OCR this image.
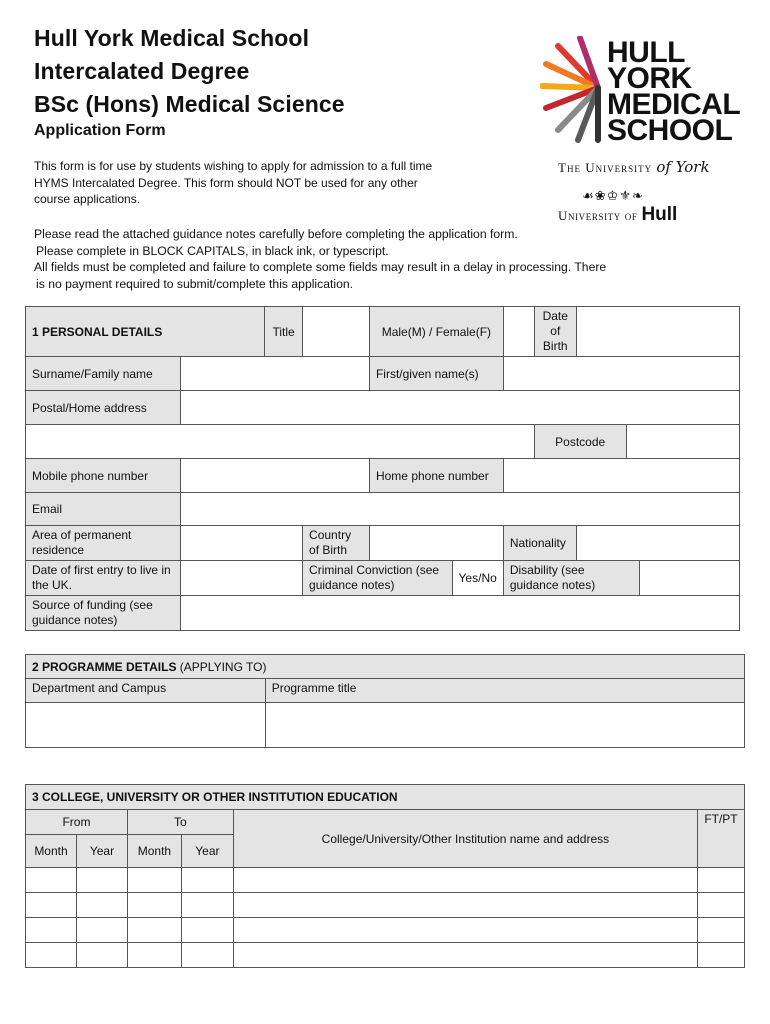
Hull York Medical School
Intercalated Degree
BSc (Hons) Medical Science
Application Form
This form is for use by students wishing to apply for admission to a full time
HYMS Intercalated Degree. This form should NOT be used for any other
course applications.
Please read the attached guidance notes carefully before completing the application form.
Please complete in BLOCK CAPITALS, in black ink, or typescript.
All fields must be completed and failure to complete some fields may result in a delay in processing. There
is no payment required to submit/complete this application.
HULL
YORK
MEDICAL
SCHOOL
The University of York
☙❀♔⚜❧
University of Hull
1 PERSONAL DETAILS		Title		Male(M) / Female(F)			Date of Birth			
Surname/Family name				First/given name(s)						
Postal/Home address										
							Postcode			
Mobile phone number				Home phone number						
Email										
Area of permanent residence			Country of Birth			Nationality				
Date of first entry to live in the UK.			Criminal Conviction (see guidance notes)		Yes/No	Disability (see guidance notes)				
Source of funding (see guidance notes)										
2 PROGRAMME DETAILS (APPLYING TO)	
Department and Campus	Programme title

3 COLLEGE, UNIVERSITY OR OTHER INSTITUTION EDUCATION					
From		To		College/University/Other Institution name and address	FT/PT
Month	Year	Month	Year		
